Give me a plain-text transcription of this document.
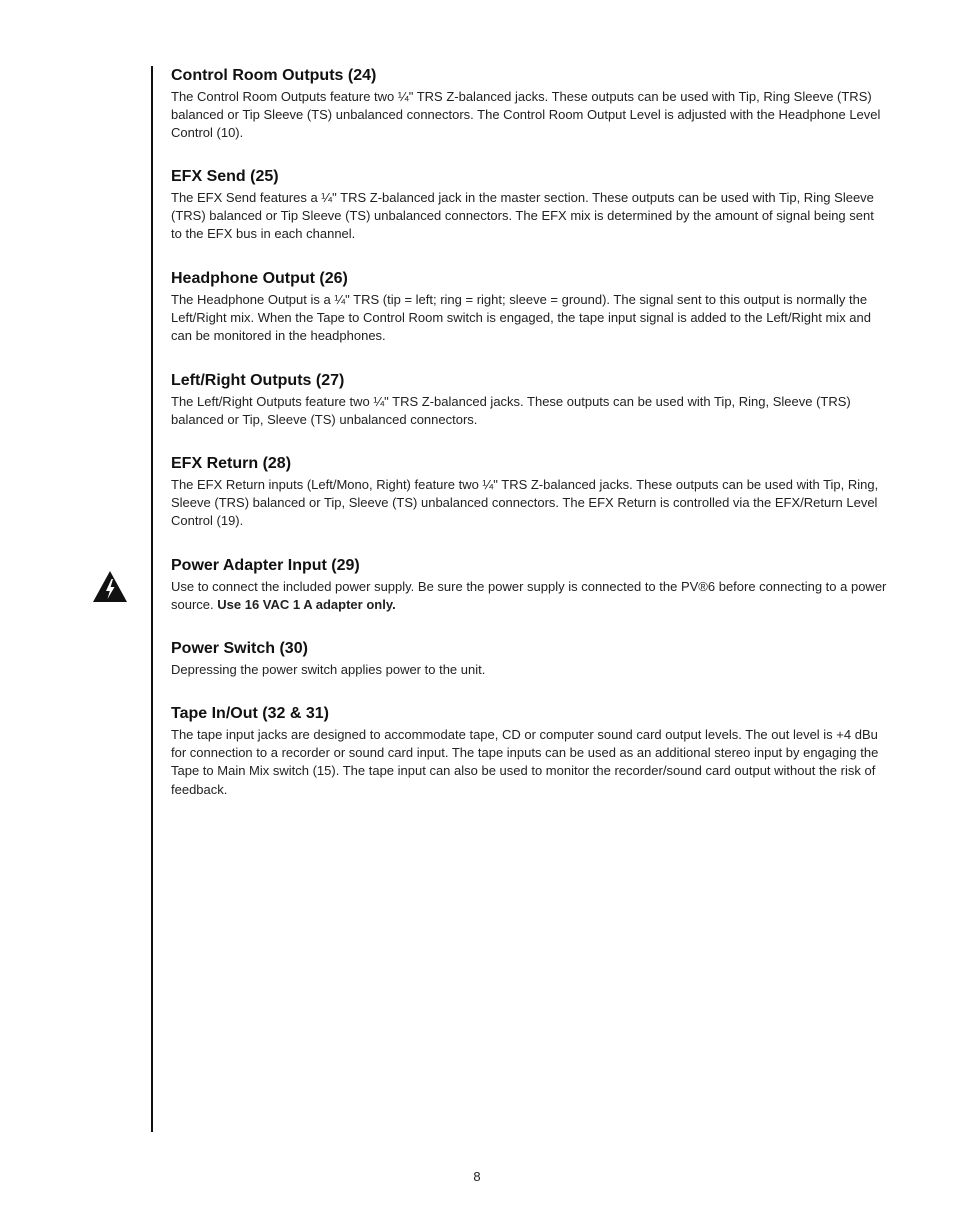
Control Room Outputs (24)

The Control Room Outputs feature two ¼" TRS Z-balanced jacks. These outputs can be used with Tip, Ring Sleeve (TRS) balanced or Tip Sleeve (TS) unbalanced connectors. The Control Room Output Level is adjusted with the Headphone Level Control (10).

EFX Send (25)

The EFX Send features a ¼" TRS Z-balanced jack in the master section. These outputs can be used with Tip, Ring Sleeve (TRS) balanced or Tip Sleeve (TS) unbalanced connectors. The EFX mix is determined by the amount of signal being sent to the EFX bus in each channel.

Headphone Output (26)

The Headphone Output is a ¼" TRS (tip = left; ring = right; sleeve = ground). The signal sent to this output is normally the Left/Right mix. When the Tape to Control Room switch is engaged, the tape input signal is added to the Left/Right mix and can be monitored in the headphones.

Left/Right Outputs (27)

The Left/Right Outputs feature two ¼" TRS Z-balanced jacks. These outputs can be used with Tip, Ring, Sleeve (TRS) balanced or Tip, Sleeve (TS) unbalanced connectors.

EFX Return (28)

The EFX Return inputs (Left/Mono, Right) feature two ¼" TRS Z-balanced jacks. These outputs can be used with Tip, Ring, Sleeve (TRS) balanced or Tip, Sleeve (TS) unbalanced connectors. The EFX Return is controlled via the EFX/Return Level Control (19).

Power Adapter Input (29)

Use to connect the included power supply. Be sure the power supply is connected to the PV®6 before connecting to a power source. Use 16 VAC 1 A adapter only.

Power Switch (30)

Depressing the power switch applies power to the unit.

Tape In/Out (32 & 31)

The tape input jacks are designed to accommodate tape, CD or computer sound card output levels. The out level is +4 dBu for connection to a recorder or sound card input. The tape inputs can be used as an additional stereo input by engaging the Tape to Main Mix switch (15). The tape input can also be used to monitor the recorder/sound card output without the risk of feedback.

8
